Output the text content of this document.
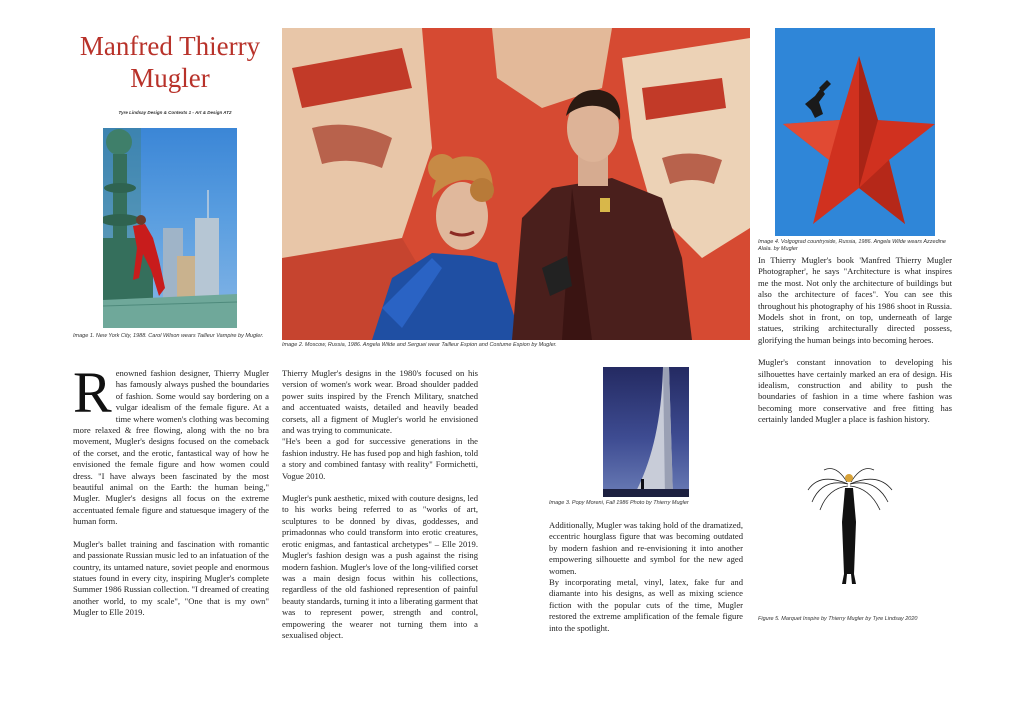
Manfred Thierry
Mugler
Tyre Lindsay Design & Contexts 1 - Art & Design AT2
Image 1. New York City, 1988. Carol Wilson wears Tailleur Vampire by Mugler.
Image 2. Moscow, Russia, 1986. Angela Wilde and Serguei wear Tailleur Espion and Costume Espion by Mugler.
Image 4. Volgograd countryside, Russia, 1986. Angela Wilde wears Azzedine Alaïa. by Mugler

In Thierry Mugler's book 'Manfred Thierry Mugler Photographer', he says "Architecture is what inspires me the most. Not only the architecture of buildings but also the architecture of faces". You can see this throughout his photography of his 1986 shoot in Russia. Models shot in front, on top, underneath of large statues, striking architecturally directed possess, glorifying the human beings into becoming heroes.

Mugler's constant innovation to developing his silhouettes have certainly marked an era of design. His idealism, construction and ability to push the boundaries of fashion in a time where fashion was becoming more conservative and free fitting has certainly landed Mugler a place is fashion history.

Renowned fashion designer, Thierry Mugler has famously always pushed the boundaries of fashion. Some would say bordering on a vulgar idealism of the female figure. At a time where women's clothing was becoming more relaxed & free flowing, along with the no bra movement, Mugler's designs focused on the comeback of the corset, and the erotic, fantastical way of how he envisioned the female figure and how women could dress. "I have always been fascinated by the most beautiful animal on the Earth: the human being," Mugler. Mugler's designs all focus on the extreme accentuated female figure and statuesque imagery of the human form.

Mugler's ballet training and fascination with romantic and passionate Russian music led to an infatuation of the country, its untamed nature, soviet people and enormous statues found in every city, inspiring Mugler's complete Summer 1986 Russian collection. "I dreamed of creating another world, to my scale", "One that is my own" Mugler to Elle 2019.

Thierry Mugler's designs in the 1980's focused on his version of women's work wear. Broad shoulder padded power suits inspired by the French Military, snatched and accentuated waists, detailed and heavily beaded corsets, all a figment of Mugler's world he envisioned and was trying to communicate.

"He's been a god for successive generations in the fashion industry. He has fused pop and high fashion, told a story and combined fantasy with reality" Formichetti, Vogue 2010.

Mugler's punk aesthetic, mixed with couture designs, led to his works being referred to as "works of art, sculptures to be donned by divas, goddesses, and primadonnas who could transform into erotic creatures, erotic enigmas, and fantastical archetypes" – Elle 2019. Mugler's fashion design was a push against the rising modern fashion. Mugler's love of the long-vilified corset was a main design focus within his collections, regardless of the old fashioned represention of painful beauty standards, turning it into a liberating garment that was to represent power, strength and control, empowering the wearer not turning them into a sexualised object.

Image 3. Popy Moreni, Fall 1986 Photo by Thierry Mugler

Additionally, Mugler was taking hold of the dramatized, eccentric hourglass figure that was becoming outdated by modern fashion and re-envisioning it into another empowering silhouette and symbol for the new aged women.

By incorporating metal, vinyl, latex, fake fur and diamante into his designs, as well as mixing science fiction with the popular cuts of the time, Mugler restored the extreme amplification of the female figure into the spotlight.

Figure 5. Marquet Inspire by Thierry Mugler by Tyre Lindsay 2020
